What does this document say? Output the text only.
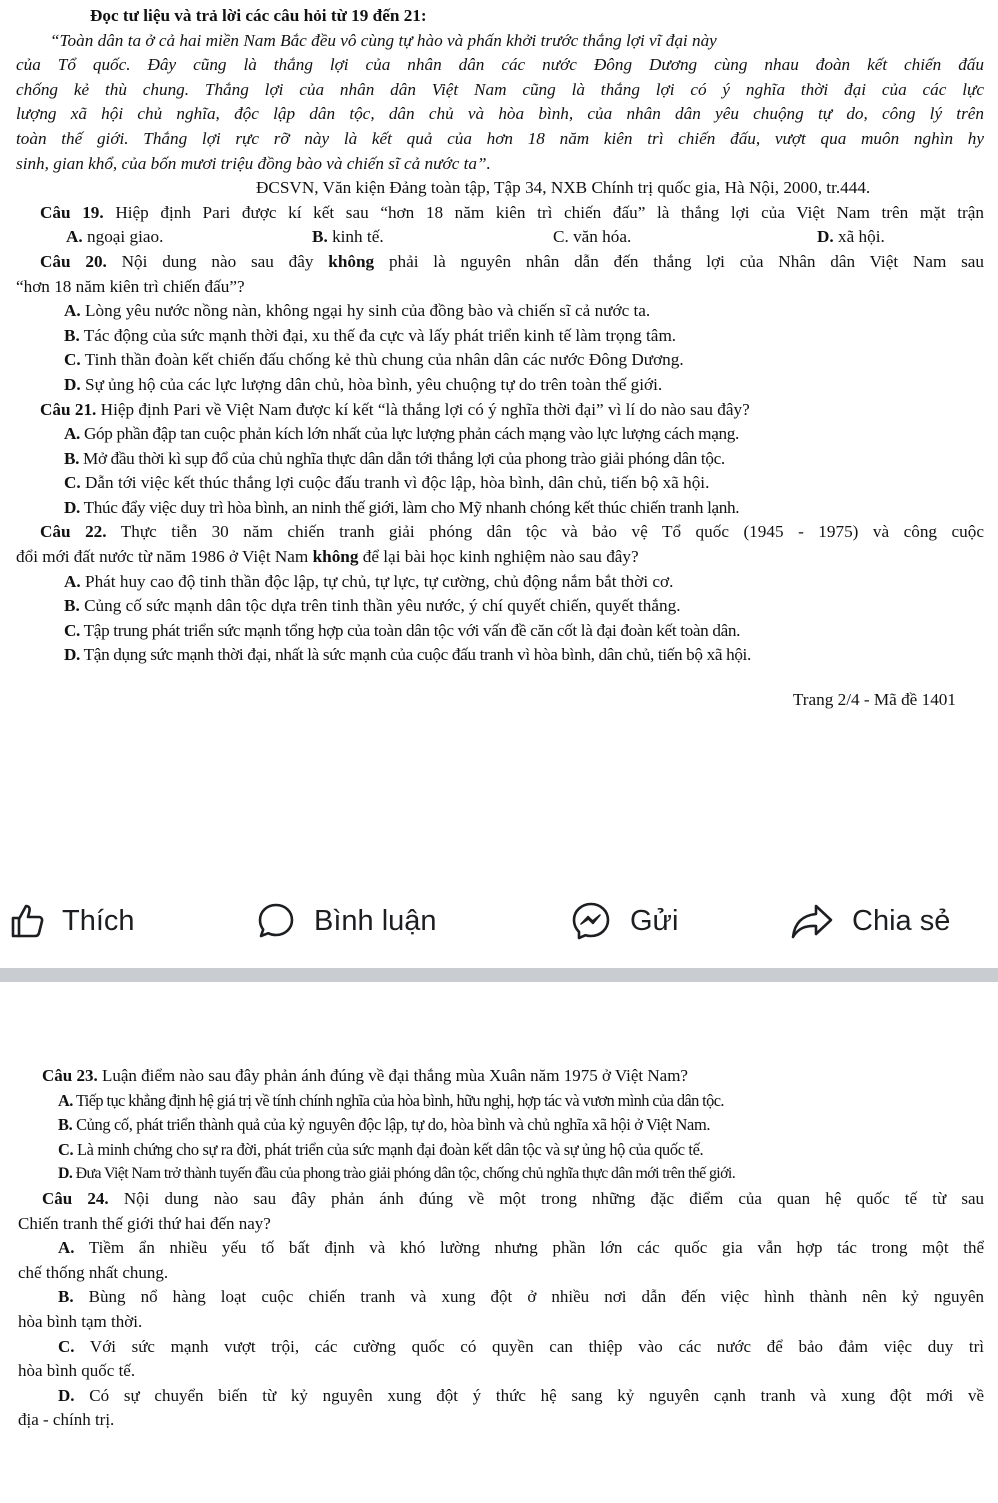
Đọc tư liệu và trả lời các câu hỏi từ 19 đến 21:
“Toàn dân ta ở cả hai miền Nam Bắc đều vô cùng tự hào và phấn khởi trước thắng lợi vĩ đại này
của Tổ quốc. Đây cũng là thắng lợi của nhân dân các nước Đông Dương cùng nhau đoàn kết chiến đấu
chống kẻ thù chung. Thắng lợi của nhân dân Việt Nam cũng là thắng lợi có ý nghĩa thời đại của các lực
lượng xã hội chủ nghĩa, độc lập dân tộc, dân chủ và hòa bình, của nhân dân yêu chuộng tự do, công lý trên
toàn thế giới. Thắng lợi rực rỡ này là kết quả của hơn 18 năm kiên trì chiến đấu, vượt qua muôn nghìn hy
sinh, gian khổ, của bốn mươi triệu đồng bào và chiến sĩ cả nước ta”.
ĐCSVN, Văn kiện Đảng toàn tập, Tập 34, NXB Chính trị quốc gia, Hà Nội, 2000, tr.444.
Câu 19. Hiệp định Pari được kí kết sau “hơn 18 năm kiên trì chiến đấu” là thắng lợi của Việt Nam trên mặt trận
A. ngoại giao.	B. kinh tế.	C. văn hóa.	D. xã hội.
Câu 20. Nội dung nào sau đây không phải là nguyên nhân dẫn đến thắng lợi của Nhân dân Việt Nam sau
“hơn 18 năm kiên trì chiến đấu”?
A. Lòng yêu nước nồng nàn, không ngại hy sinh của đồng bào và chiến sĩ cả nước ta.
B. Tác động của sức mạnh thời đại, xu thế đa cực và lấy phát triển kinh tế làm trọng tâm.
C. Tinh thần đoàn kết chiến đấu chống kẻ thù chung của nhân dân các nước Đông Dương.
D. Sự ủng hộ của các lực lượng dân chủ, hòa bình, yêu chuộng tự do trên toàn thế giới.
Câu 21. Hiệp định Pari về Việt Nam được kí kết “là thắng lợi có ý nghĩa thời đại” vì lí do nào sau đây?
A. Góp phần đập tan cuộc phản kích lớn nhất của lực lượng phản cách mạng vào lực lượng cách mạng.
B. Mở đầu thời kì sụp đổ của chủ nghĩa thực dân dẫn tới thắng lợi của phong trào giải phóng dân tộc.
C. Dẫn tới việc kết thúc thắng lợi cuộc đấu tranh vì độc lập, hòa bình, dân chủ, tiến bộ xã hội.
D. Thúc đẩy việc duy trì hòa bình, an ninh thế giới, làm cho Mỹ nhanh chóng kết thúc chiến tranh lạnh.
Câu 22. Thực tiễn 30 năm chiến tranh giải phóng dân tộc và bảo vệ Tổ quốc (1945 - 1975) và công cuộc
đổi mới đất nước từ năm 1986 ở Việt Nam không để lại bài học kinh nghiệm nào sau đây?
A. Phát huy cao độ tinh thần độc lập, tự chủ, tự lực, tự cường, chủ động nắm bắt thời cơ.
B. Củng cố sức mạnh dân tộc dựa trên tinh thần yêu nước, ý chí quyết chiến, quyết thắng.
C. Tập trung phát triển sức mạnh tổng hợp của toàn dân tộc với vấn đề căn cốt là đại đoàn kết toàn dân.
D. Tận dụng sức mạnh thời đại, nhất là sức mạnh của cuộc đấu tranh vì hòa bình, dân chủ, tiến bộ xã hội.
Trang 2/4 - Mã đề 1401
Thích	Bình luận	Gửi	Chia sẻ
Câu 23. Luận điểm nào sau đây phản ánh đúng về đại thắng mùa Xuân năm 1975 ở Việt Nam?
A. Tiếp tục khẳng định hệ giá trị về tính chính nghĩa của hòa bình, hữu nghị, hợp tác và vươn mình của dân tộc.
B. Củng cố, phát triển thành quả của kỷ nguyên độc lập, tự do, hòa bình và chủ nghĩa xã hội ở Việt Nam.
C. Là minh chứng cho sự ra đời, phát triển của sức mạnh đại đoàn kết dân tộc và sự ủng hộ của quốc tế.
D. Đưa Việt Nam trở thành tuyến đầu của phong trào giải phóng dân tộc, chống chủ nghĩa thực dân mới trên thế giới.
Câu 24. Nội dung nào sau đây phản ánh đúng về một trong những đặc điểm của quan hệ quốc tế từ sau
Chiến tranh thế giới thứ hai đến nay?
A. Tiềm ẩn nhiều yếu tố bất định và khó lường nhưng phần lớn các quốc gia vẫn hợp tác trong một thể
chế thống nhất chung.
B. Bùng nổ hàng loạt cuộc chiến tranh và xung đột ở nhiều nơi dẫn đến việc hình thành nên kỷ nguyên
hòa bình tạm thời.
C. Với sức mạnh vượt trội, các cường quốc có quyền can thiệp vào các nước để bảo đảm việc duy trì
hòa bình quốc tế.
D. Có sự chuyển biến từ kỷ nguyên xung đột ý thức hệ sang kỷ nguyên cạnh tranh và xung đột mới về
địa - chính trị.
